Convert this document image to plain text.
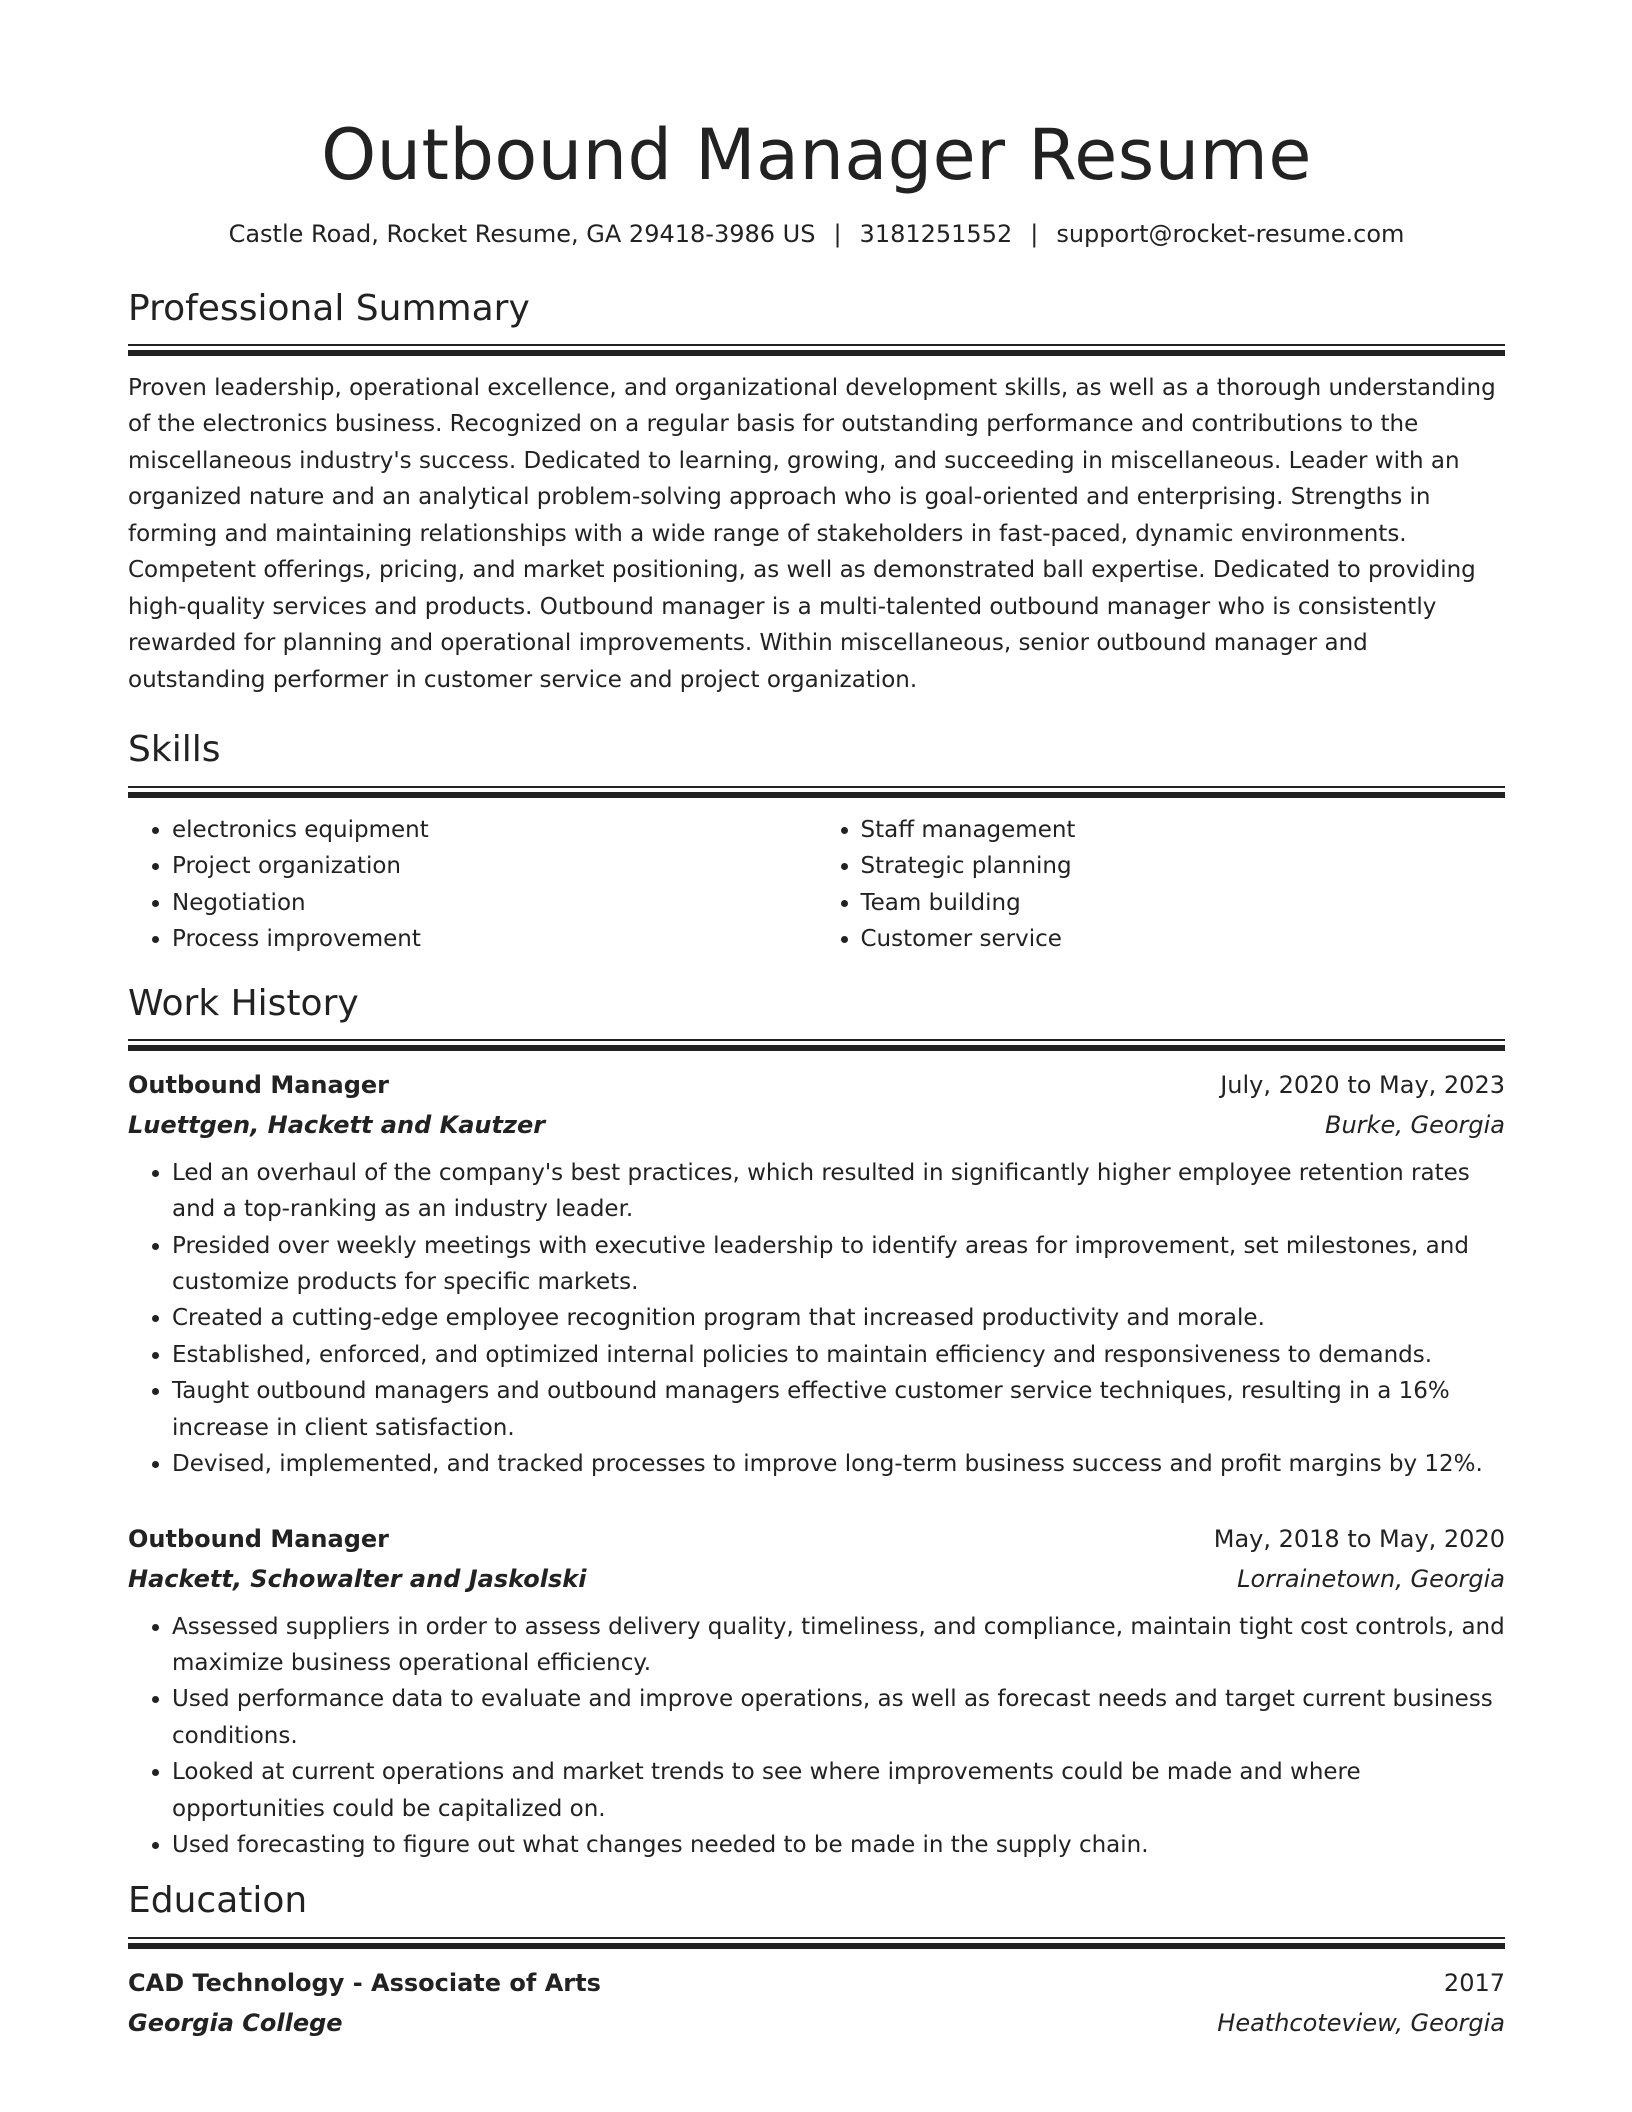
Outbound Manager Resume
Castle Road, Rocket Resume, GA 29418-3986 US | 3181251552 | support@rocket-resume.com
Professional Summary

Proven leadership, operational excellence, and organizational development skills, as well as a thorough understanding of the electronics business. Recognized on a regular basis for outstanding performance and contributions to the miscellaneous industry's success. Dedicated to learning, growing, and succeeding in miscellaneous. Leader with an organized nature and an analytical problem-solving approach who is goal-oriented and enterprising. Strengths in forming and maintaining relationships with a wide range of stakeholders in fast-paced, dynamic environments. Competent offerings, pricing, and market positioning, as well as demonstrated ball expertise. Dedicated to providing high-quality services and products. Outbound manager is a multi-talented outbound manager who is consistently rewarded for planning and operational improvements. Within miscellaneous, senior outbound manager and outstanding performer in customer service and project organization.

Skills
• electronics equipment
• Project organization
• Negotiation
• Process improvement
• Staff management
• Strategic planning
• Team building
• Customer service
Work History
Outbound Manager	July, 2020 to May, 2023
Luettgen, Hackett and Kautzer	Burke, Georgia
• Led an overhaul of the company's best practices, which resulted in significantly higher employee retention rates and a top-ranking as an industry leader.
• Presided over weekly meetings with executive leadership to identify areas for improvement, set milestones, and customize products for specific markets.
• Created a cutting-edge employee recognition program that increased productivity and morale.
• Established, enforced, and optimized internal policies to maintain efficiency and responsiveness to demands.
• Taught outbound managers and outbound managers effective customer service techniques, resulting in a 16% increase in client satisfaction.
• Devised, implemented, and tracked processes to improve long-term business success and profit margins by 12%.
Outbound Manager	May, 2018 to May, 2020
Hackett, Schowalter and Jaskolski	Lorrainetown, Georgia
• Assessed suppliers in order to assess delivery quality, timeliness, and compliance, maintain tight cost controls, and maximize business operational efficiency.
• Used performance data to evaluate and improve operations, as well as forecast needs and target current business conditions.
• Looked at current operations and market trends to see where improvements could be made and where opportunities could be capitalized on.
• Used forecasting to figure out what changes needed to be made in the supply chain.
Education
CAD Technology - Associate of Arts	2017
Georgia College	Heathcoteview, Georgia
